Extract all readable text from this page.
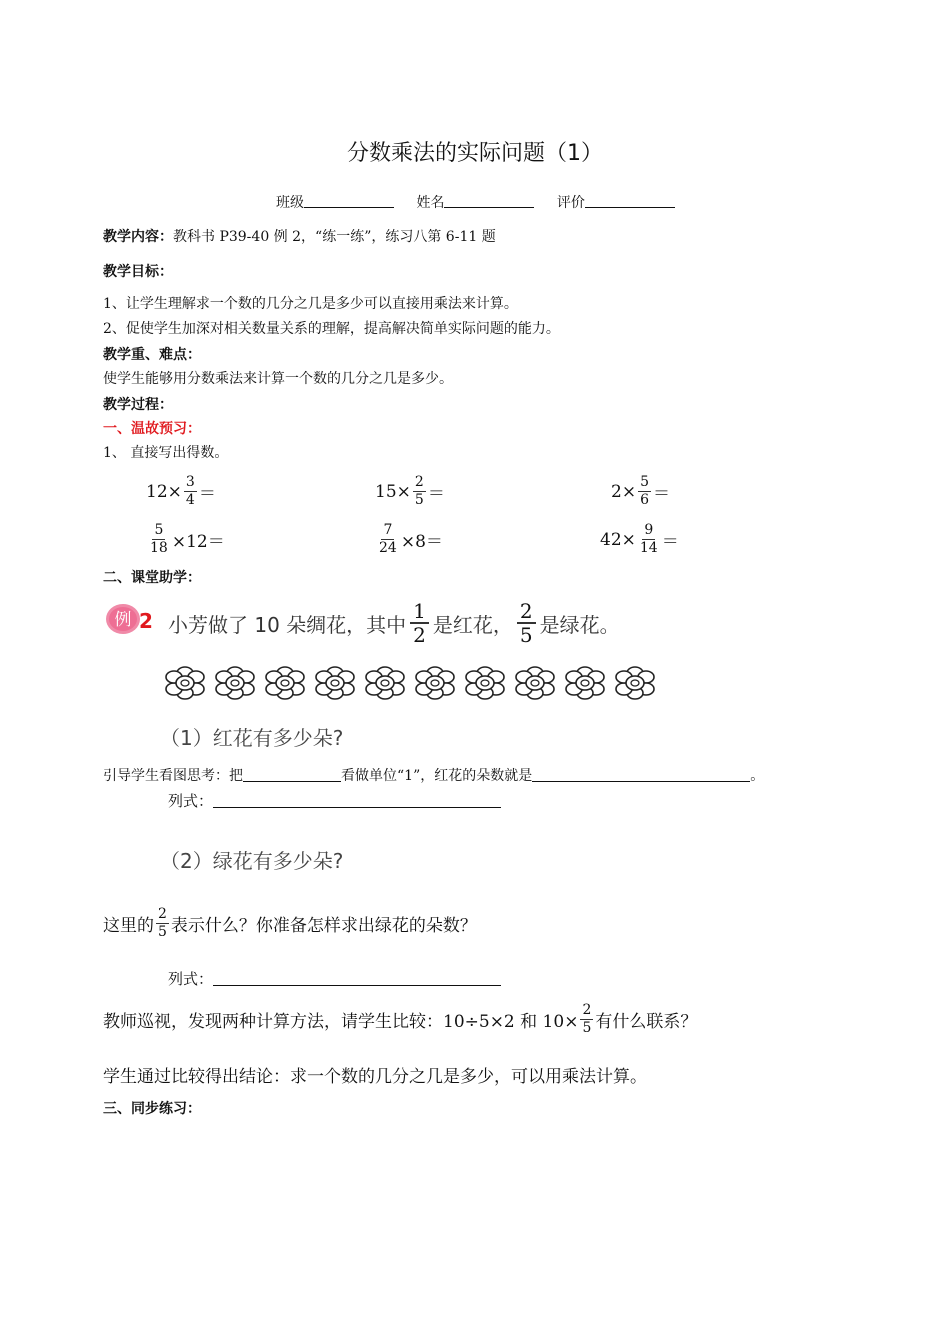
分数乘法的实际问题（1）
班级	姓名	评价
教学内容：教科书 P39-40 例 2，“练一练”，练习八第 6-11 题
教学目标：
1、让学生理解求一个数的几分之几是多少可以直接用乘法来计算。
2、促使学生加深对相关数量关系的理解，提高解决简单实际问题的能力。
教学重、难点：
使学生能够用分数乘法来计算一个数的几分之几是多少。
教学过程：
一、温故预习：
1、 直接写出得数。
$12\times \frac{3}{4}$ ＝	$15\times \frac{2}{5}$ ＝	$2\times \frac{5}{6}$ ＝
$\frac{5}{18} \times 12=$	$\frac{7}{24} \times 8=$	$42\times \frac{9}{14}$ ＝
二、课堂助学：
例 2 小芳做了 10 朵绸花，其中 $\frac{1}{2}$ 是红花， $\frac{2}{5}$ 是绿花。
（1）红花有多少朵?
引导学生看图思考：把	看做单位“1”，红花的朵数就是	。
列式：
（2）绿花有多少朵?
这里的 $\frac{2}{5}$ 表示什么？你准备怎样求出绿花的朵数？
列式：
教师巡视，发现两种计算方法，请学生比较：10÷5×2 和 $10\times \frac{2}{5}$ 有什么联系？
学生通过比较得出结论：求一个数的几分之几是多少，可以用乘法计算。
三、同步练习：
